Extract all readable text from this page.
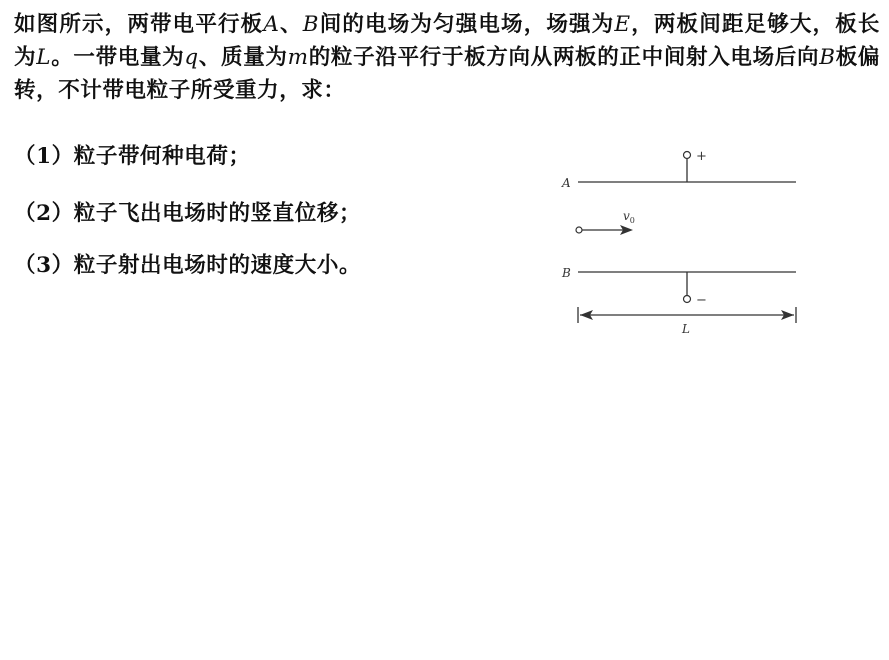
如图所示，两带电平行板A、B间的电场为匀强电场，场强为E，两板间距足够大，板长为L。一带电量为q、质量为m的粒子沿平行于板方向从两板的正中间射入电场后向B板偏转，不计带电粒子所受重力，求：

（1）粒子带何种电荷；
（2）粒子飞出电场时的竖直位移；
（3）粒子射出电场时的速度大小。
+
A
$v_0$
−
B
L
